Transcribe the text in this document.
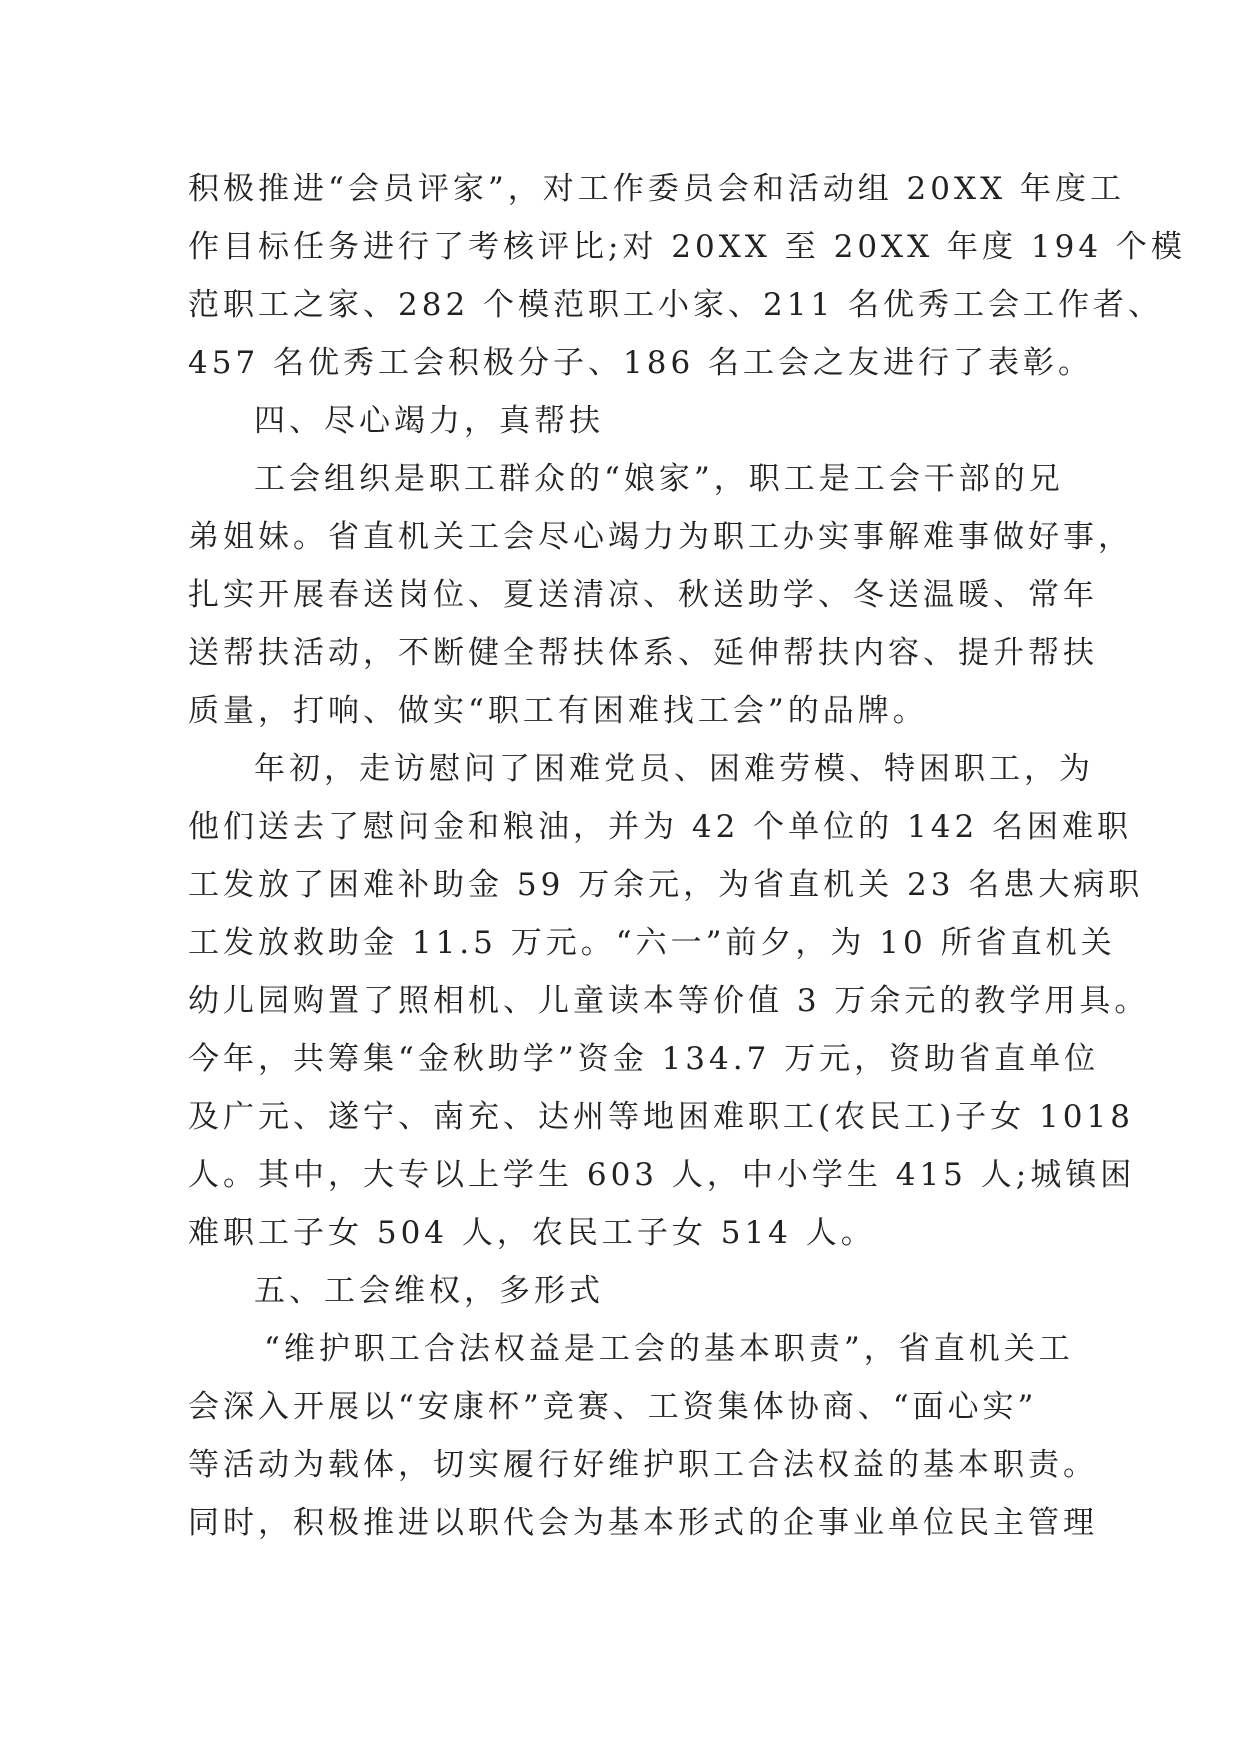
积极推进“会员评家”，对工作委员会和活动组 20XX 年度工
作目标任务进行了考核评比;对 20XX 至 20XX 年度 194 个模
范职工之家、282 个模范职工小家、211 名优秀工会工作者、
457 名优秀工会积极分子、186 名工会之友进行了表彰。
四、尽心竭力，真帮扶
工会组织是职工群众的“娘家”，职工是工会干部的兄
弟姐妹。省直机关工会尽心竭力为职工办实事解难事做好事，
扎实开展春送岗位、夏送清凉、秋送助学、冬送温暖、常年
送帮扶活动，不断健全帮扶体系、延伸帮扶内容、提升帮扶
质量，打响、做实“职工有困难找工会”的品牌。
年初，走访慰问了困难党员、困难劳模、特困职工，为
他们送去了慰问金和粮油，并为 42 个单位的 142 名困难职
工发放了困难补助金 59 万余元，为省直机关 23 名患大病职
工发放救助金 11.5 万元。“六一”前夕，为 10 所省直机关
幼儿园购置了照相机、儿童读本等价值 3 万余元的教学用具。
今年，共筹集“金秋助学”资金 134.7 万元，资助省直单位
及广元、遂宁、南充、达州等地困难职工(农民工)子女 1018
人。其中，大专以上学生 603 人，中小学生 415 人;城镇困
难职工子女 504 人，农民工子女 514 人。
五、工会维权，多形式
“维护职工合法权益是工会的基本职责”，省直机关工
会深入开展以“安康杯”竞赛、工资集体协商、“面心实”
等活动为载体，切实履行好维护职工合法权益的基本职责。
同时，积极推进以职代会为基本形式的企事业单位民主管理
